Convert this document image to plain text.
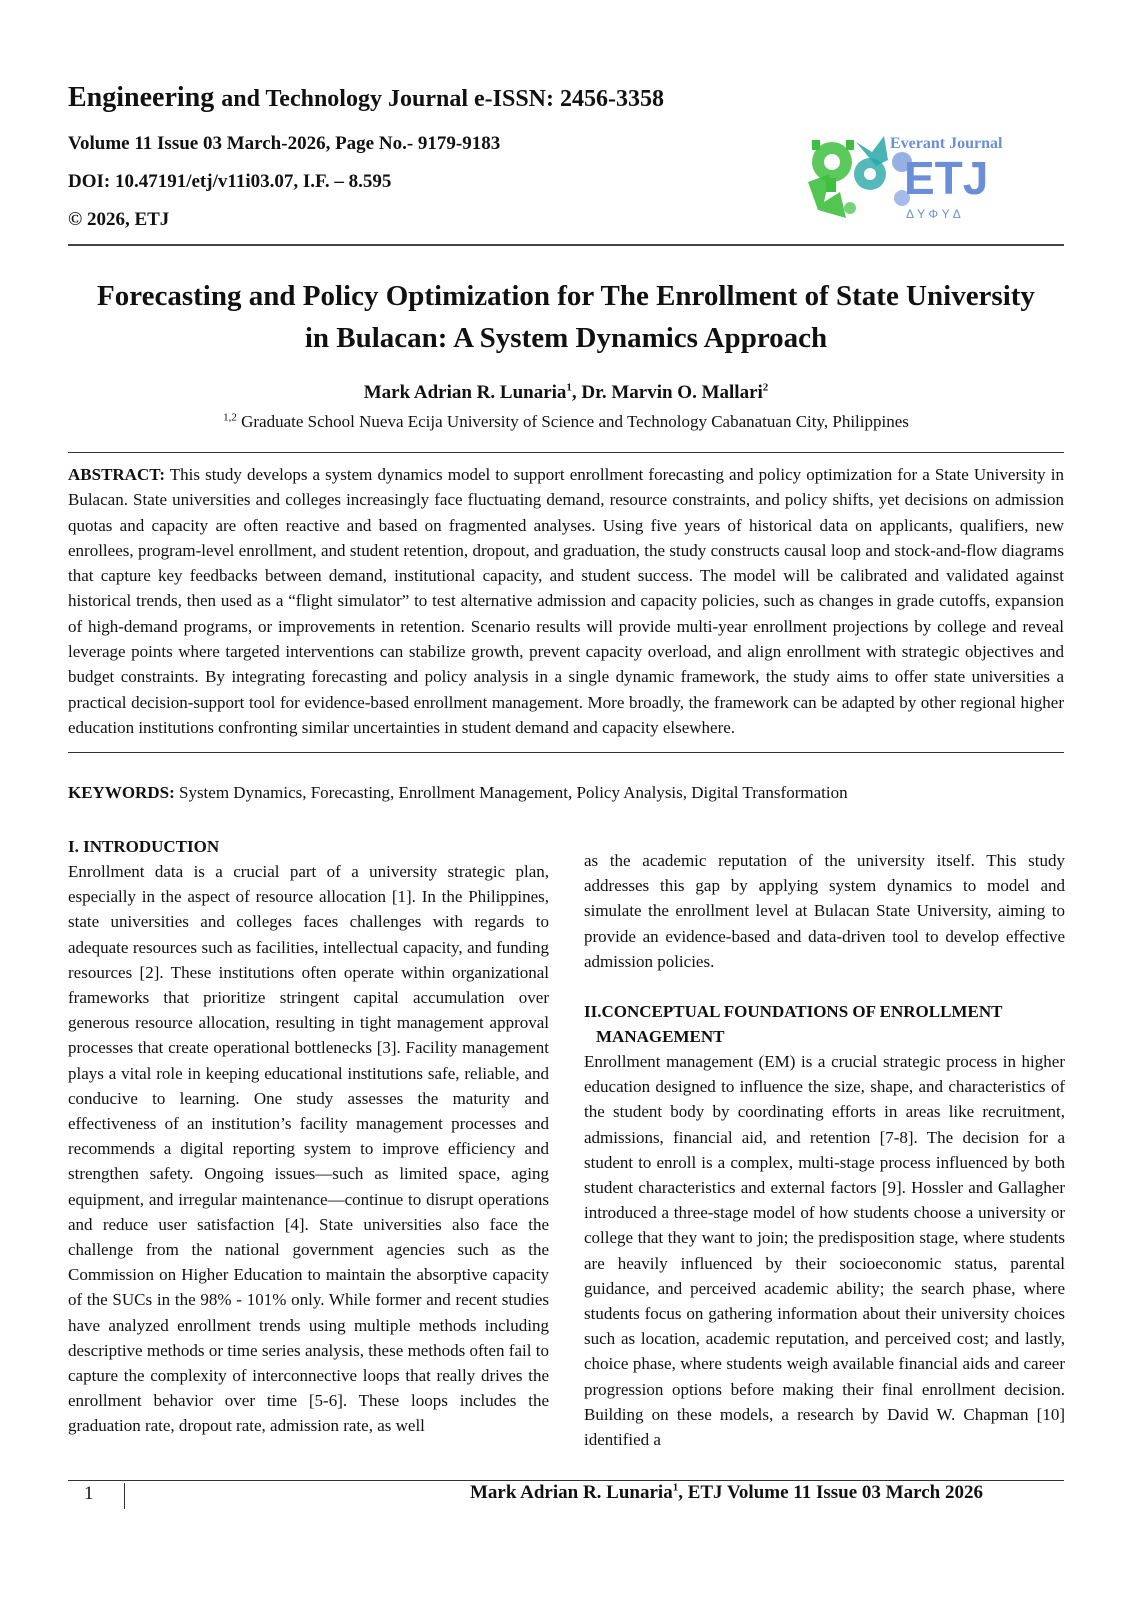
Engineering and Technology Journal e-ISSN: 2456-3358
Volume 11 Issue 03 March-2026, Page No.- 9179-9183
DOI: 10.47191/etj/v11i03.07, I.F. – 8.595
© 2026, ETJ
Everant Journal
ETJ
ΔΥΦΥΔ
Forecasting and Policy Optimization for The Enrollment of State University
in Bulacan: A System Dynamics Approach
Mark Adrian R. Lunaria$^1$, Dr. Marvin O. Mallari$^2$
$^{1,2}$ Graduate School Nueva Ecija University of Science and Technology Cabanatuan City, Philippines
ABSTRACT: This study develops a system dynamics model to support enrollment forecasting and policy optimization for a State University in Bulacan. State universities and colleges increasingly face fluctuating demand, resource constraints, and policy shifts, yet decisions on admission quotas and capacity are often reactive and based on fragmented analyses. Using five years of historical data on applicants, qualifiers, new enrollees, program-level enrollment, and student retention, dropout, and graduation, the study constructs causal loop and stock-and-flow diagrams that capture key feedbacks between demand, institutional capacity, and student success. The model will be calibrated and validated against historical trends, then used as a “flight simulator” to test alternative admission and capacity policies, such as changes in grade cutoffs, expansion of high-demand programs, or improvements in retention. Scenario results will provide multi-year enrollment projections by college and reveal leverage points where targeted interventions can stabilize growth, prevent capacity overload, and align enrollment with strategic objectives and budget constraints. By integrating forecasting and policy analysis in a single dynamic framework, the study aims to offer state universities a practical decision-support tool for evidence-based enrollment management. More broadly, the framework can be adapted by other regional higher education institutions confronting similar uncertainties in student demand and capacity elsewhere.
KEYWORDS: System Dynamics, Forecasting, Enrollment Management, Policy Analysis, Digital Transformation
I. INTRODUCTION

Enrollment data is a crucial part of a university strategic plan, especially in the aspect of resource allocation [1]. In the Philippines, state universities and colleges faces challenges with regards to adequate resources such as facilities, intellectual capacity, and funding resources [2]. These institutions often operate within organizational frameworks that prioritize stringent capital accumulation over generous resource allocation, resulting in tight management approval processes that create operational bottlenecks [3]. Facility management plays a vital role in keeping educational institutions safe, reliable, and conducive to learning. One study assesses the maturity and effectiveness of an institution’s facility management processes and recommends a digital reporting system to improve efficiency and strengthen safety. Ongoing issues—such as limited space, aging equipment, and irregular maintenance—continue to disrupt operations and reduce user satisfaction [4]. State universities also face the challenge from the national government agencies such as the Commission on Higher Education to maintain the absorptive capacity of the SUCs in the 98% - 101% only. While former and recent studies have analyzed enrollment trends using multiple methods including descriptive methods or time series analysis, these methods often fail to capture the complexity of interconnective loops that really drives the enrollment behavior over time [5-6]. These loops includes the graduation rate, dropout rate, admission rate, as well

as the academic reputation of the university itself. This study addresses this gap by applying system dynamics to model and simulate the enrollment level at Bulacan State University, aiming to provide an evidence-based and data-driven tool to develop effective admission policies.

II.CONCEPTUAL FOUNDATIONS OF ENROLLMENT
MANAGEMENT

Enrollment management (EM) is a crucial strategic process in higher education designed to influence the size, shape, and characteristics of the student body by coordinating efforts in areas like recruitment, admissions, financial aid, and retention [7-8]. The decision for a student to enroll is a complex, multi-stage process influenced by both student characteristics and external factors [9]. Hossler and Gallagher introduced a three-stage model of how students choose a university or college that they want to join; the predisposition stage, where students are heavily influenced by their socioeconomic status, parental guidance, and perceived academic ability; the search phase, where students focus on gathering information about their university choices such as location, academic reputation, and perceived cost; and lastly, choice phase, where students weigh available financial aids and career progression options before making their final enrollment decision. Building on these models, a research by David W. Chapman [10] identified a

1	Mark Adrian R. Lunaria$^1$, ETJ Volume 11 Issue 03 March 2026
